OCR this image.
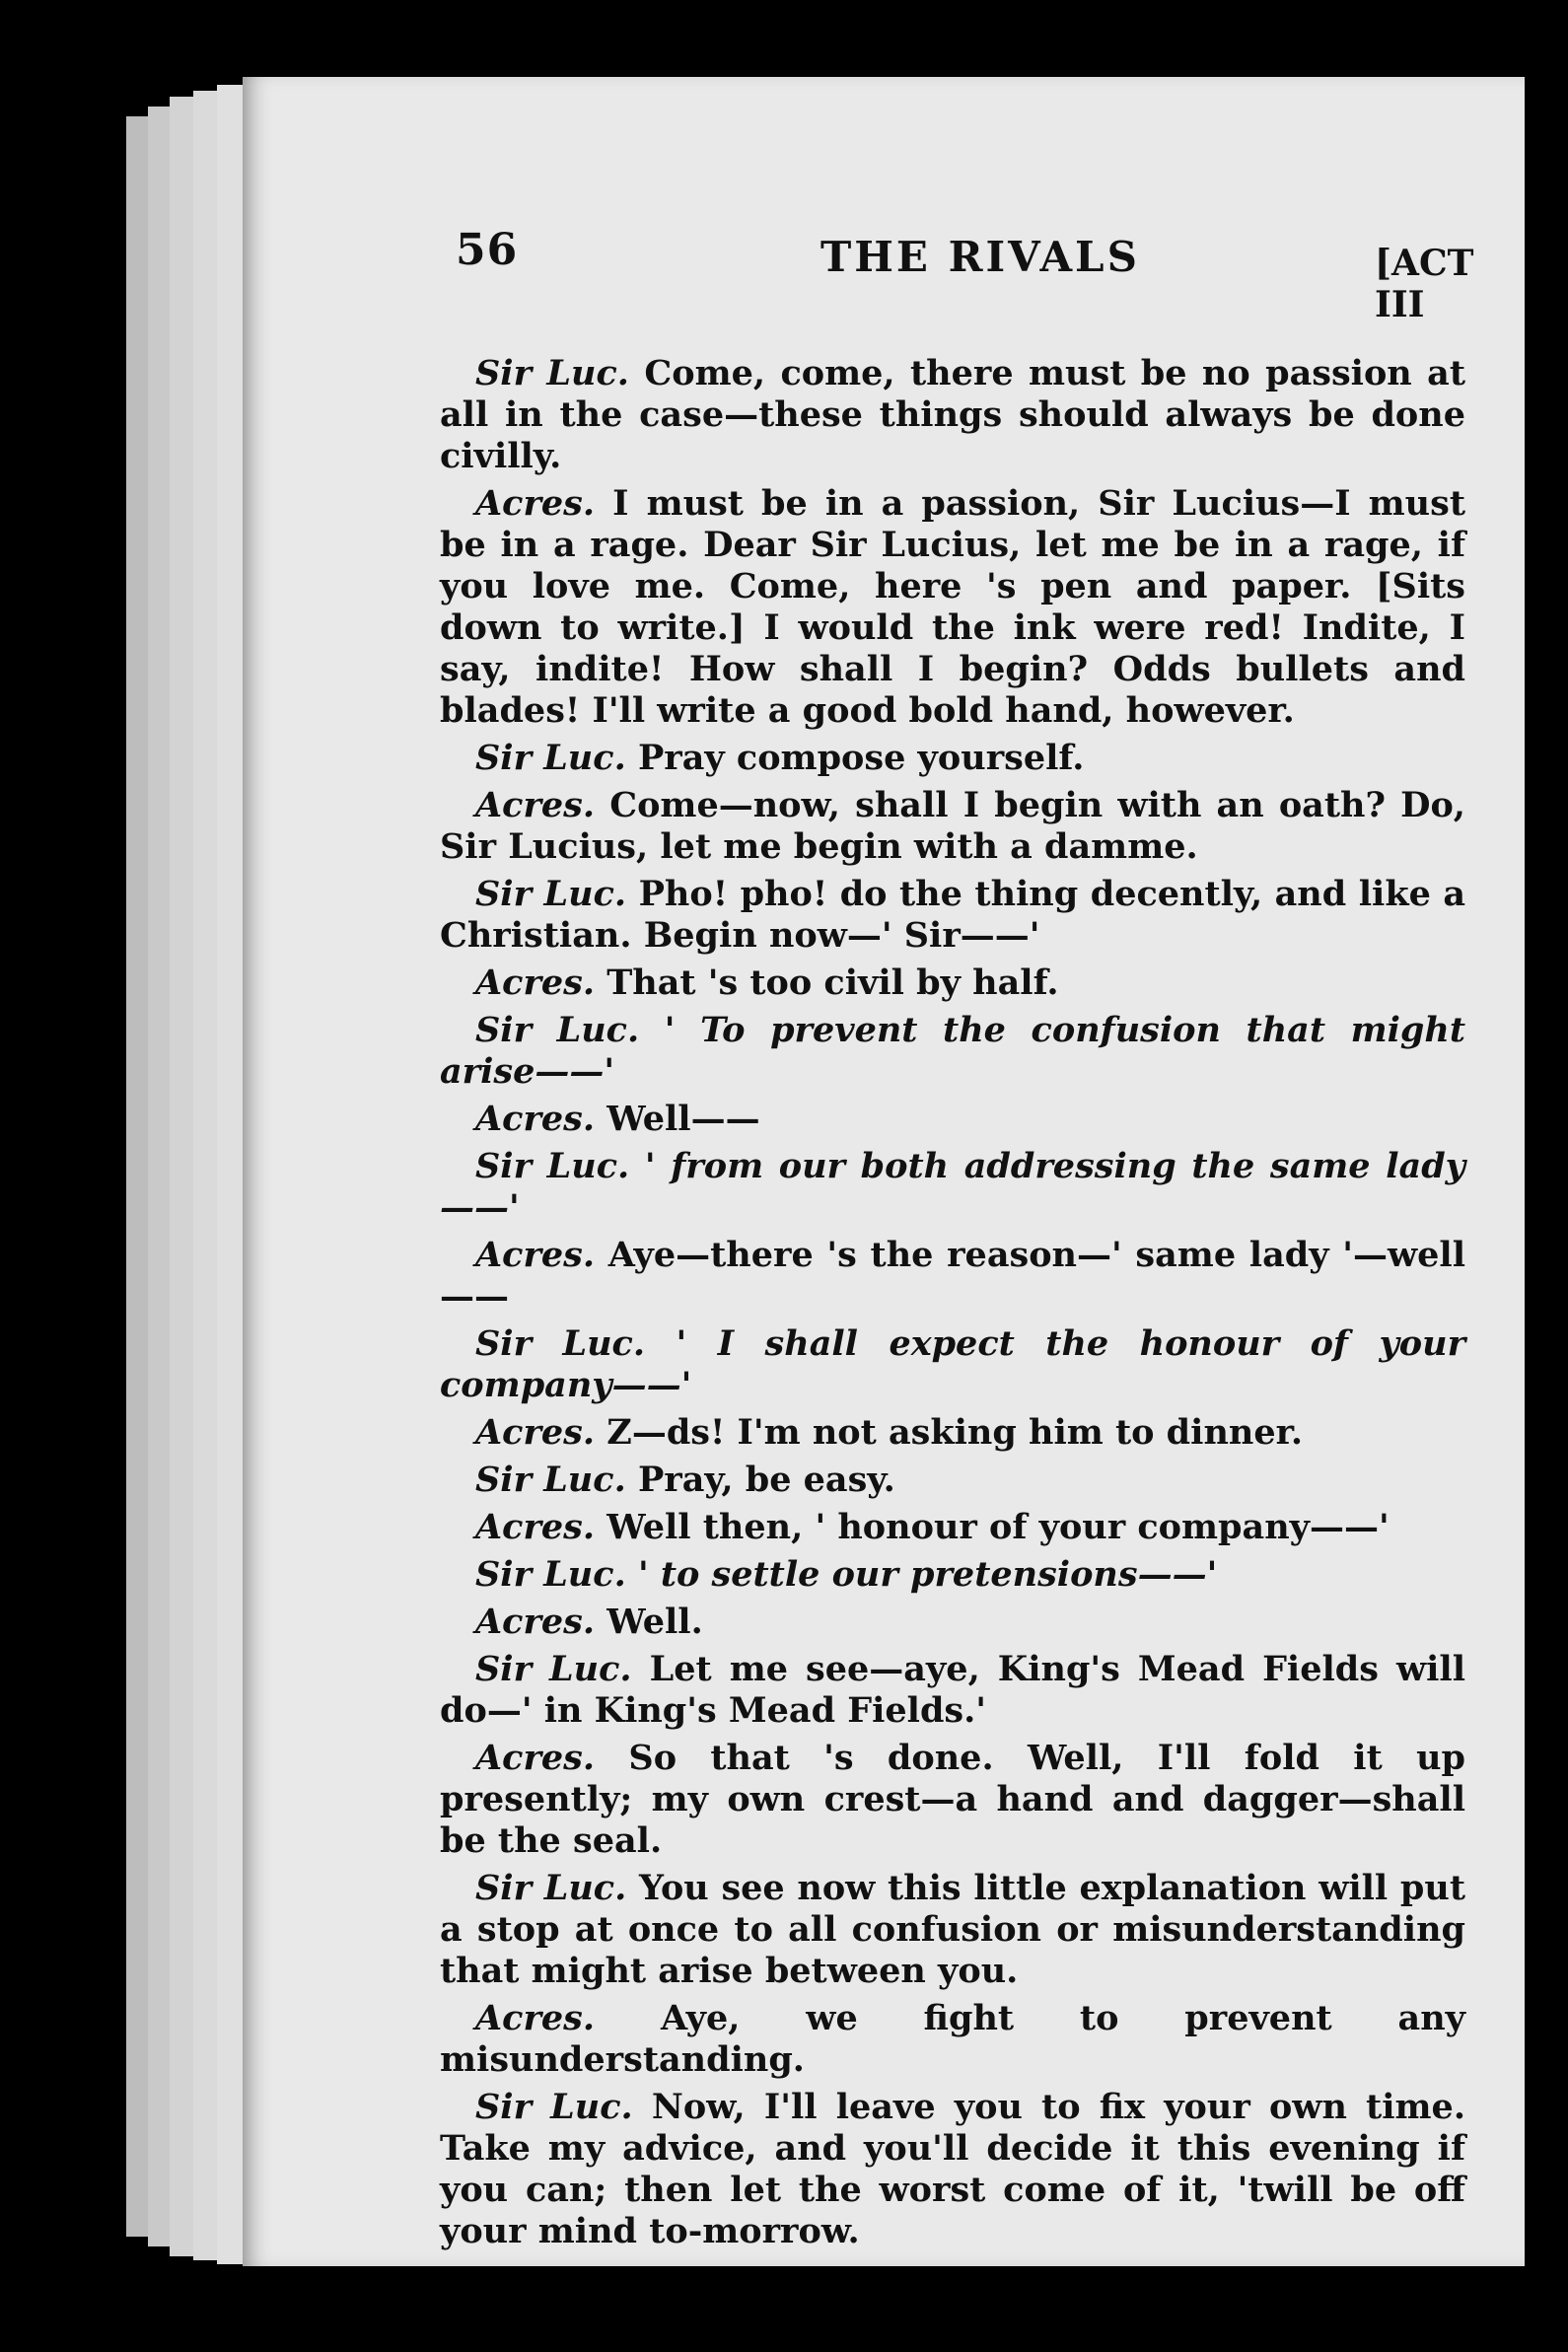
56	THE RIVALS	[ACT III

Sir Luc. Come, come, there must be no passion at all in the case—these things should always be done civilly.

Acres. I must be in a passion, Sir Lucius—I must be in a rage. Dear Sir Lucius, let me be in a rage, if you love me. Come, here 's pen and paper. [Sits down to write.] I would the ink were red! Indite, I say, indite! How shall I begin? Odds bullets and blades! I'll write a good bold hand, however.

Sir Luc. Pray compose yourself.

Acres. Come—now, shall I begin with an oath? Do, Sir Lucius, let me begin with a damme.

Sir Luc. Pho! pho! do the thing decently, and like a Christian. Begin now—' Sir——'

Acres. That 's too civil by half.

Sir Luc. ' To prevent the confusion that might arise——'

Acres. Well——

Sir Luc. ' from our both addressing the same lady——'

Acres. Aye—there 's the reason—' same lady '—well——

Sir Luc. ' I shall expect the honour of your company——'

Acres. Z—ds! I'm not asking him to dinner.

Sir Luc. Pray, be easy.

Acres. Well then, ' honour of your company——'

Sir Luc. ' to settle our pretensions——'

Acres. Well.

Sir Luc. Let me see—aye, King's Mead Fields will do—' in King's Mead Fields.'

Acres. So that 's done. Well, I'll fold it up presently; my own crest—a hand and dagger—shall be the seal.

Sir Luc. You see now this little explanation will put a stop at once to all confusion or misunderstanding that might arise between you.

Acres. Aye, we fight to prevent any misunderstanding.

Sir Luc. Now, I'll leave you to fix your own time. Take my advice, and you'll decide it this evening if you can; then let the worst come of it, 'twill be off your mind to-morrow.
